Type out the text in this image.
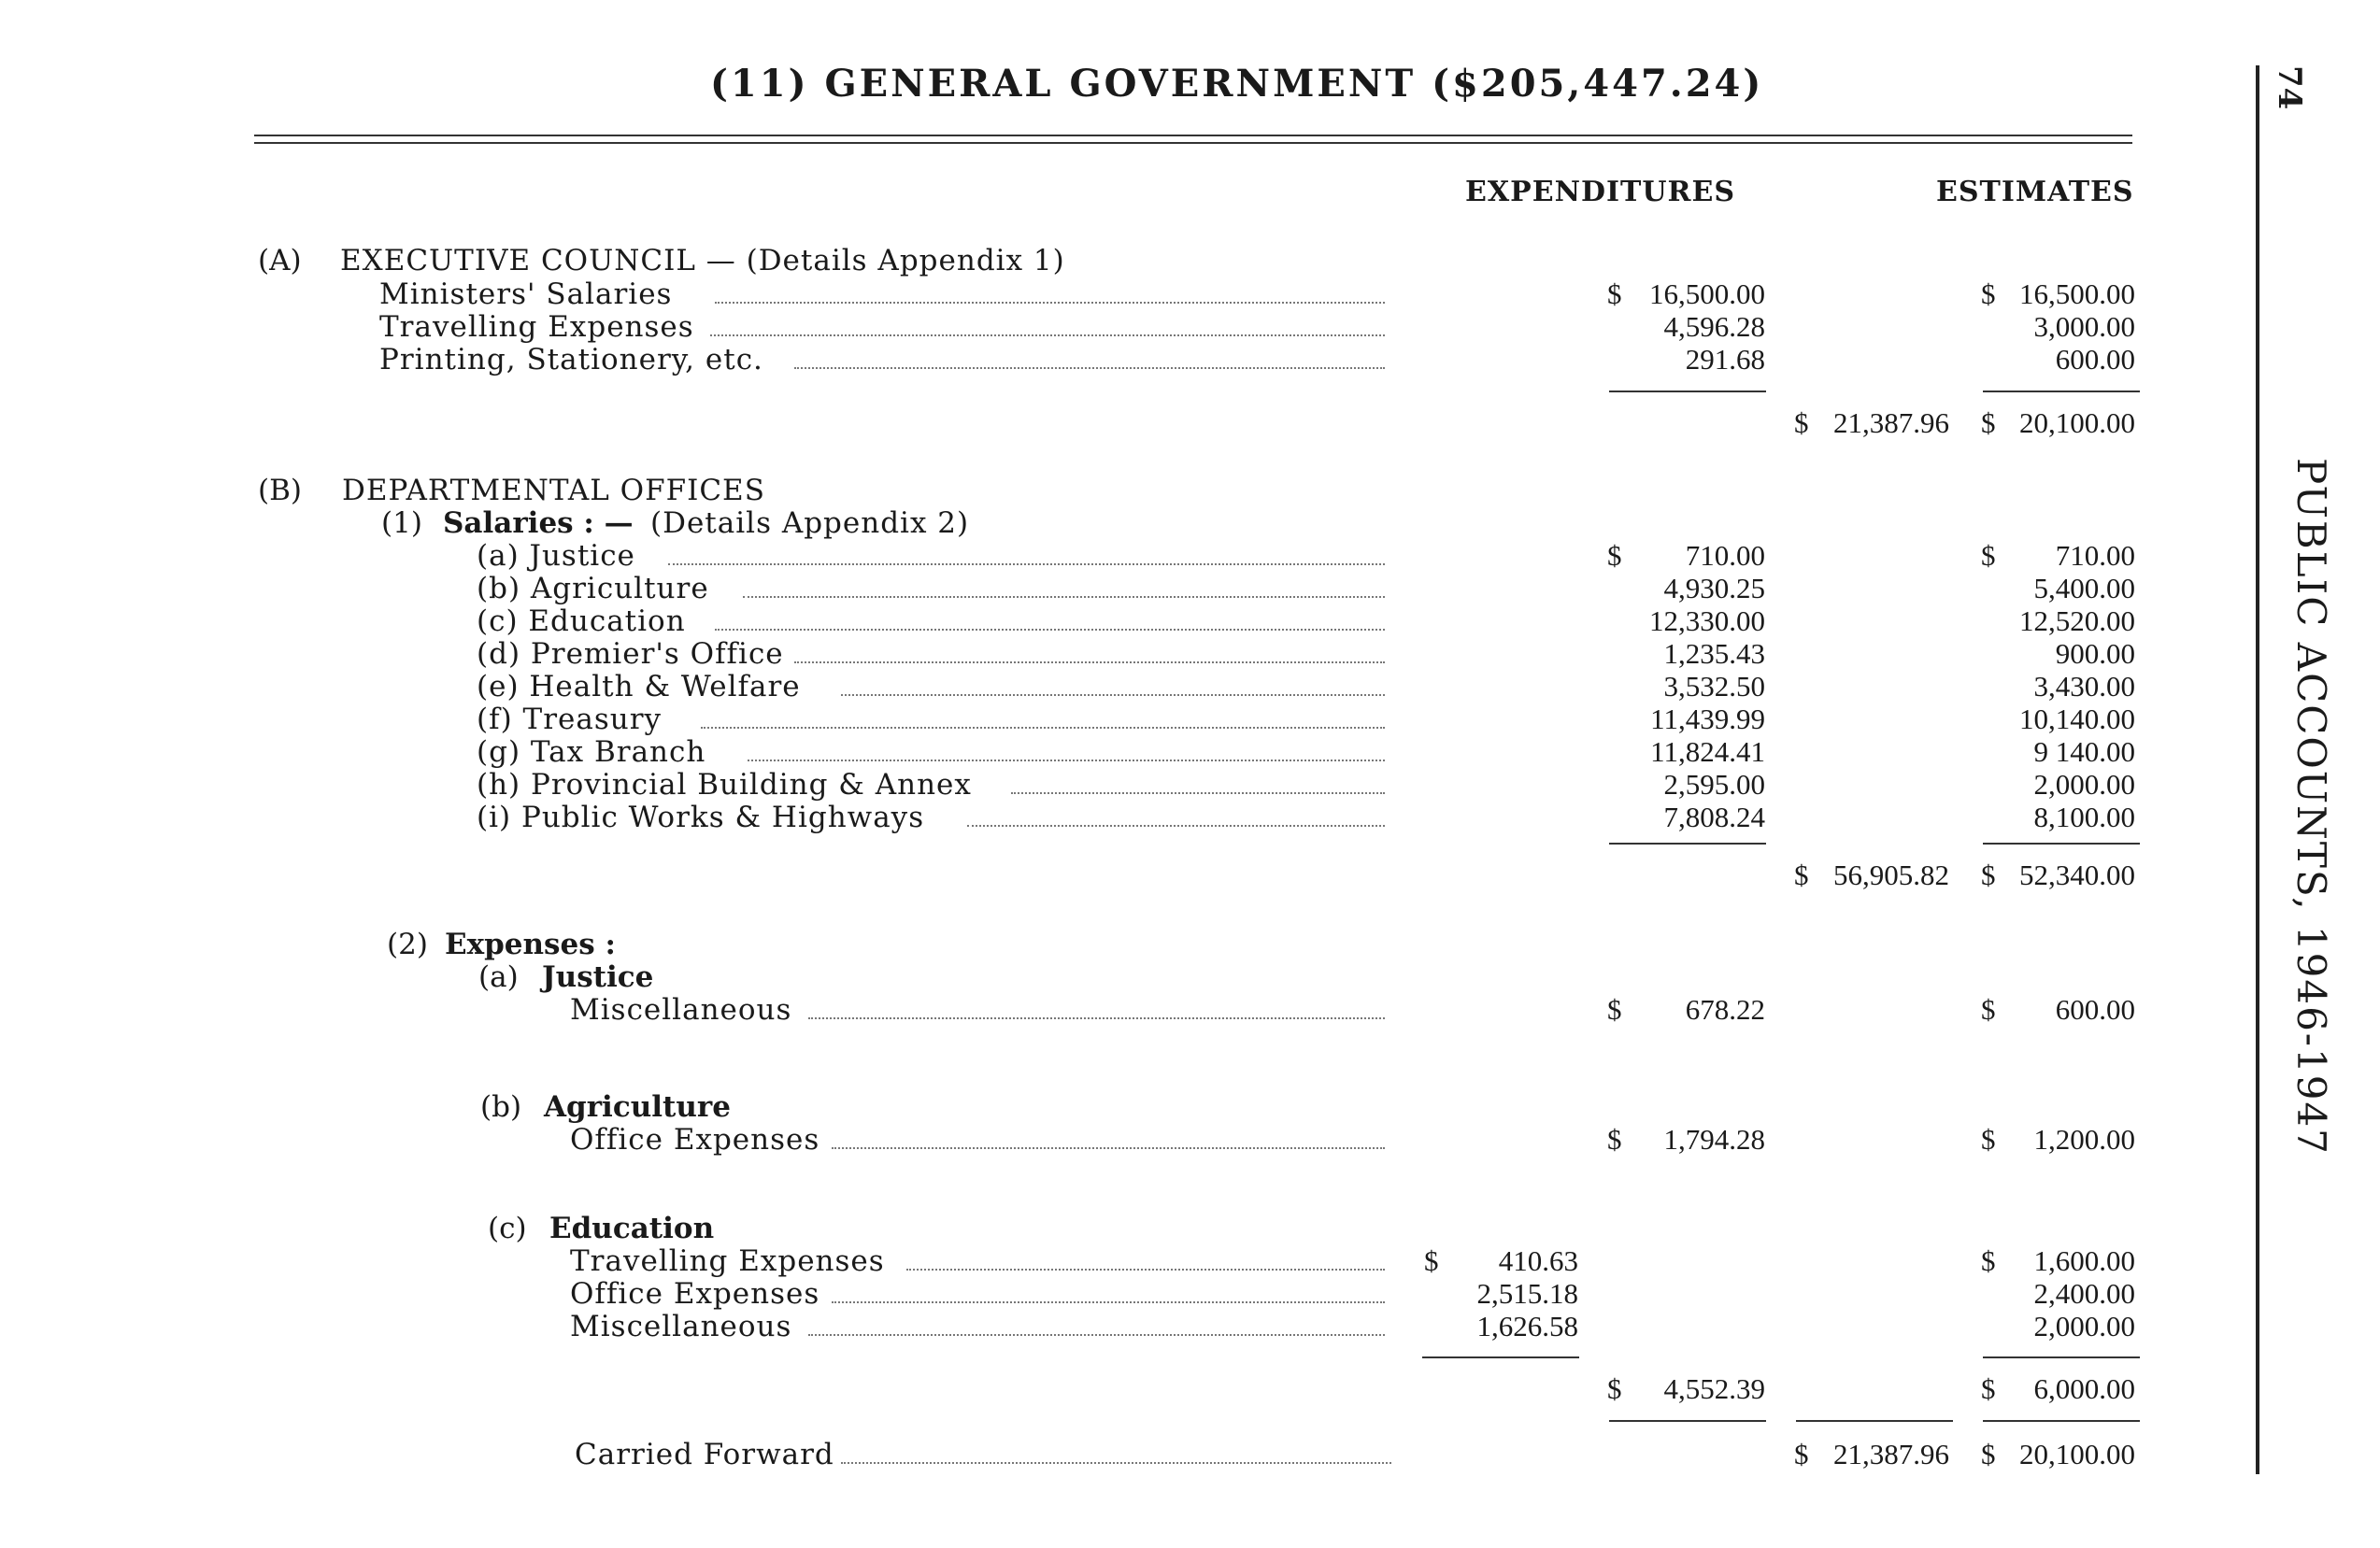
(11) GENERAL GOVERNMENT ($205,447.24)	74
PUBLIC ACCOUNTS, 1946-1947
EXPENDITURES	ESTIMATES
(A) EXECUTIVE COUNCIL — (Details Appendix 1)
Ministers' Salaries	$ 16,500.00	$ 16,500.00
Travelling Expenses	4,596.28	3,000.00
Printing, Stationery, etc.	291.68	600.00
$ 21,387.96 $ 20,100.00
(B) DEPARTMENTAL OFFICES
(1) Salaries : — (Details Appendix 2)
(a) Justice	$	710.00	$	710.00
(b) Agriculture	4,930.25	5,400.00
(c) Education	12,330.00	12,520.00
(d) Premier's Office	1,235.43	900.00
(e) Health & Welfare	3,532.50	3,430.00
(f) Treasury	11,439.99	10,140.00
(g) Tax Branch	11,824.41	9 140.00
(h) Provincial Building & Annex	2,595.00	2,000.00
(i) Public Works & Highways	7,808.24	8,100.00
$ 56,905.82 $ 52,340.00
(2) Expenses :
(a) Justice
Miscellaneous	$	678.22	$	600.00
(b) Agriculture
Office Expenses	$	1,794.28	$	1,200.00
(c) Education
Travelling Expenses	$	410.63	$	1,600.00
Office Expenses	2,515.18	2,400.00
Miscellaneous	1,626.58	2,000.00
$	4,552.39	$	6,000.00
Carried Forward	$ 21,387.96 $ 20,100.00
